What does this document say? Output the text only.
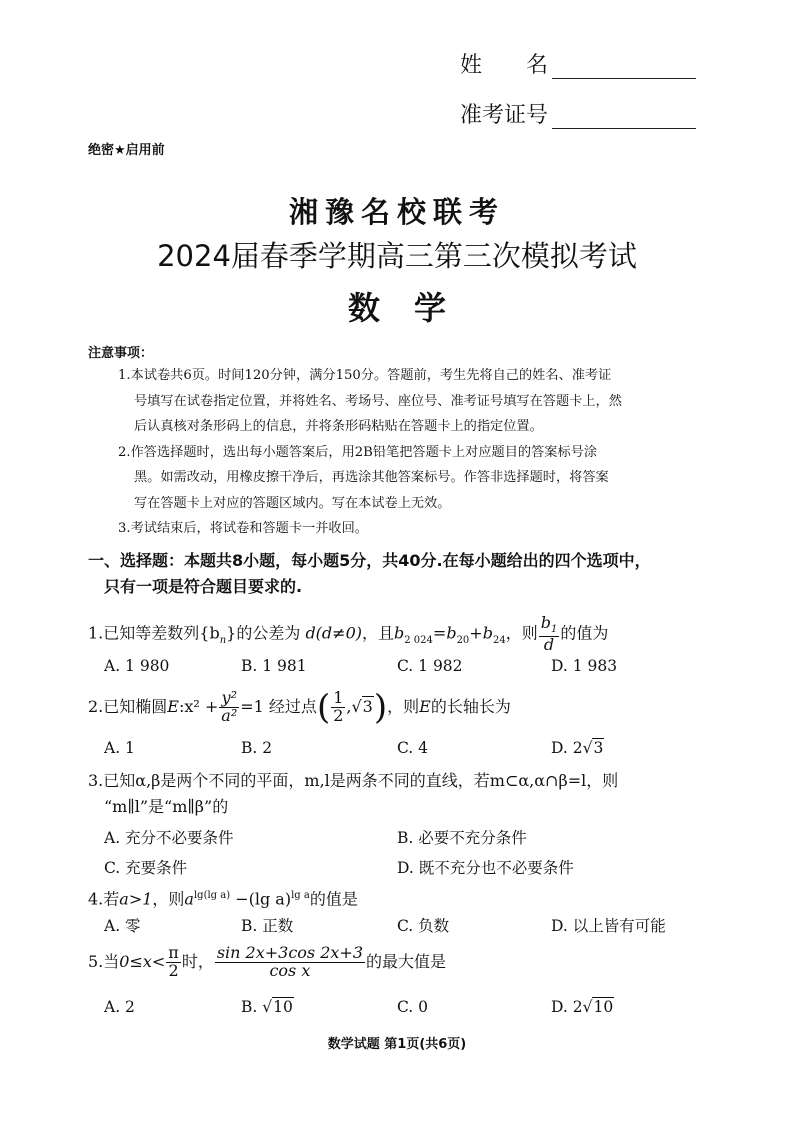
姓　　名
准考证号
绝密★启用前
湘豫名校联考
2024届春季学期高三第三次模拟考试
数学
注意事项：
1.本试卷共6页。时间120分钟，满分150分。答题前，考生先将自己的姓名、准考证
号填写在试卷指定位置，并将姓名、考场号、座位号、准考证号填写在答题卡上，然
后认真核对条形码上的信息，并将条形码粘贴在答题卡上的指定位置。
2.作答选择题时，选出每小题答案后，用2B铅笔把答题卡上对应题目的答案标号涂
黑。如需改动，用橡皮擦干净后，再选涂其他答案标号。作答非选择题时，将答案
写在答题卡上对应的答题区域内。写在本试卷上无效。
3.考试结束后，将试卷和答题卡一并收回。
一、选择题：本题共8小题，每小题5分，共40分.在每小题给出的四个选项中，
只有一项是符合题目要求的.
1.已知等差数列$\{b_n\}$的公差为 d(d≠0)，且$b_{2 024}=b_{20}+b_{24}$，则 $\frac{b_1}{d}$ 的值为
A. 1 980	B. 1 981	C. 1 982	D. 1 983
2.已知椭圆E:x² + $\frac{\text{y²}}{\text{a²}} =1$ 经过点( $\frac{1}{2} ,√3$)，则E的长轴长为
A. 1	B. 2	C. 4	D. 2√3
3.已知α,β是两个不同的平面，m,l是两条不同的直线，若m⊂α,α∩β=l，则
“m∥l”是“m∥β”的
A. 充分不必要条件	B. 必要不充分条件
C. 充要条件	D. 既不充分也不必要条件
4.若a>1，则$a^{lg(lg a)} -(\lg$ a)$^{lg a}$的值是
A. 零	B. 正数	C. 负数	D. 以上皆有可能
5.当$0\le x< \frac{\pi}{2}$ 时， $\frac{\sin 2x+3\cos 2x+3}{\text{cos x}}$ 的最大值是
A. 2	B. √10	C. 0	D. 2√10
数学试题 第1页(共6页)
